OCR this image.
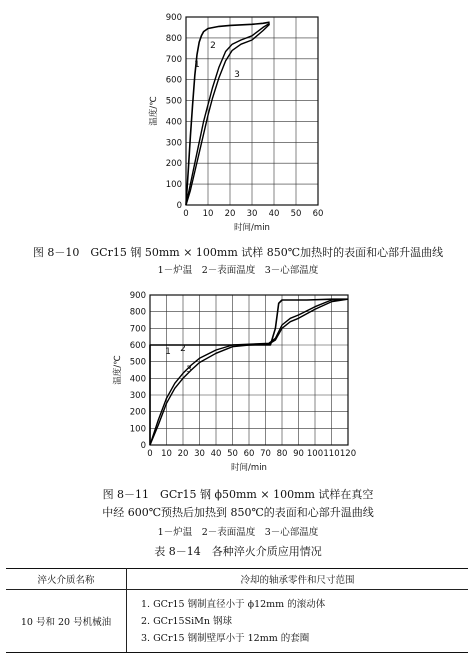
0 10 20 30 40 50 60
0
100
200
300
400
500
600
700
800
900
时间/min
温度/℃
1
2
3
图 8－10　GCr15 钢 50mm × 100mm 试样 850℃加热时的表面和心部升温曲线
1－炉温　2－表面温度　3－心部温度
0 10 20 30 40 50 60 70 80 90 100 110 120
0
100
200
300
400
500
600
700
800
900
时间/min
温度/℃
1 2
3
图 8－11　GCr15 钢 ϕ50mm × 100mm 试样在真空
中经 600℃预热后加热到 850℃的表面和心部升温曲线
1－炉温　2－表面温度　3－心部温度
表 8－14　各种淬火介质应用情况
淬火介质名称	冷却的轴承零件和尺寸范围
10 号和 20 号机械油	1. GCr15 钢制直径小于 ϕ12mm 的滚动体
2. GCr15SiMn 钢球
3. GCr15 钢制壁厚小于 12mm 的套圈
